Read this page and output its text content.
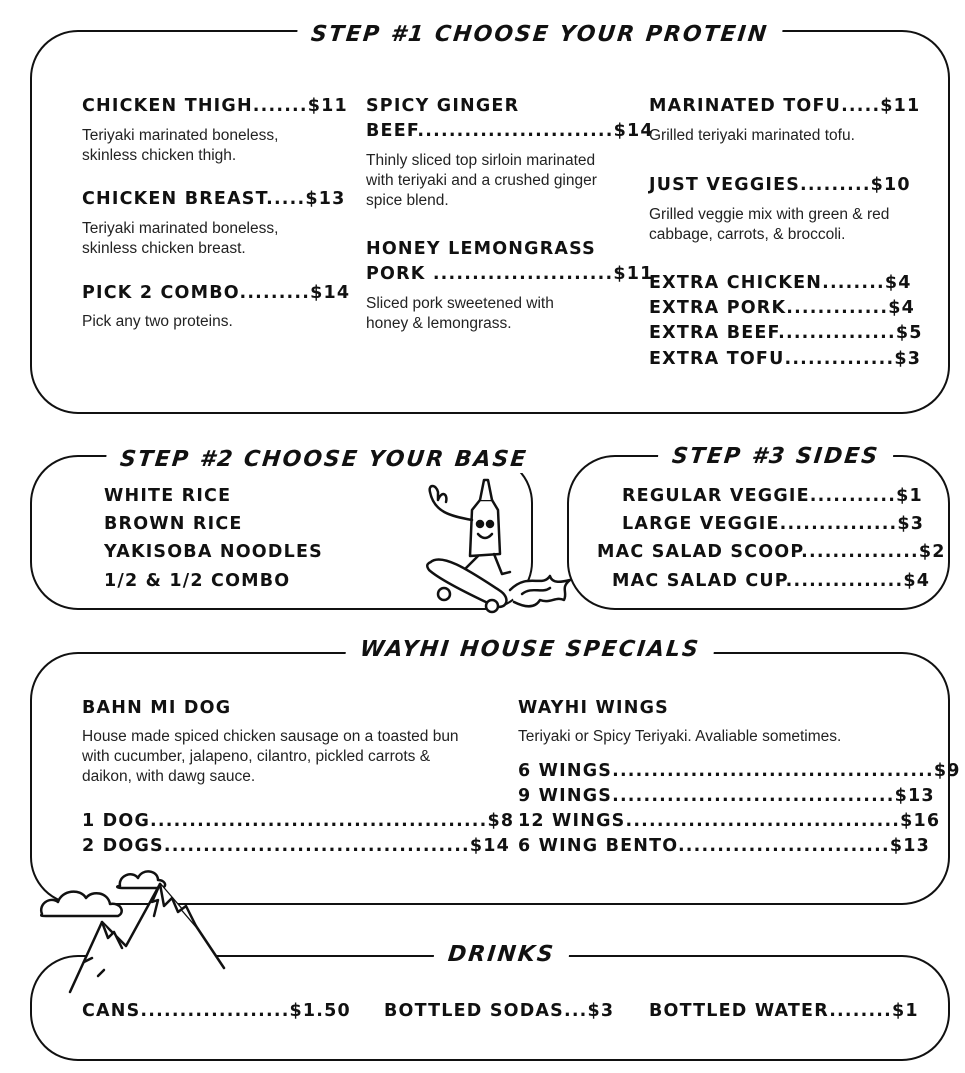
STEP #1 CHOOSE YOUR PROTEIN
CHICKEN THIGH.......$11
Teriyaki marinated boneless, skinless chicken thigh.
CHICKEN BREAST.....$13
Teriyaki marinated boneless, skinless chicken breast.
PICK 2 COMBO.........$14
Pick any two proteins.
SPICY GINGER
BEEF.........................$14
Thinly sliced top sirloin marinated with teriyaki and a crushed ginger spice blend.
HONEY LEMONGRASS
PORK .......................$11
Sliced pork sweetened with honey & lemongrass.
MARINATED TOFU.....$11
Grilled teriyaki marinated tofu.
JUST VEGGIES.........$10
Grilled veggie mix with green & red cabbage, carrots, & broccoli.
EXTRA CHICKEN........$4
EXTRA PORK.............$4
EXTRA BEEF...............$5
EXTRA TOFU..............$3
STEP #2 CHOOSE YOUR BASE
WHITE RICE
BROWN RICE
YAKISOBA NOODLES
1/2 & 1/2 COMBO
STEP #3 SIDES
REGULAR VEGGIE...........$1
LARGE VEGGIE...............$3
MAC SALAD SCOOP...............$2
MAC SALAD CUP...............$4
WAYHI HOUSE SPECIALS
BAHN MI DOG
House made spiced chicken sausage on a toasted bun with cucumber, jalapeno, cilantro, pickled carrots & daikon, with dawg sauce.
1 DOG...........................................$8
2 DOGS.......................................$14
WAYHI WINGS
Teriyaki or Spicy Teriyaki. Avaliable sometimes.
6 WINGS.........................................$9
9 WINGS....................................$13
12 WINGS...................................$16
6 WING BENTO...........................$13
DRINKS
CANS...................$1.50 BOTTLED SODAS...$3 BOTTLED WATER........$1
